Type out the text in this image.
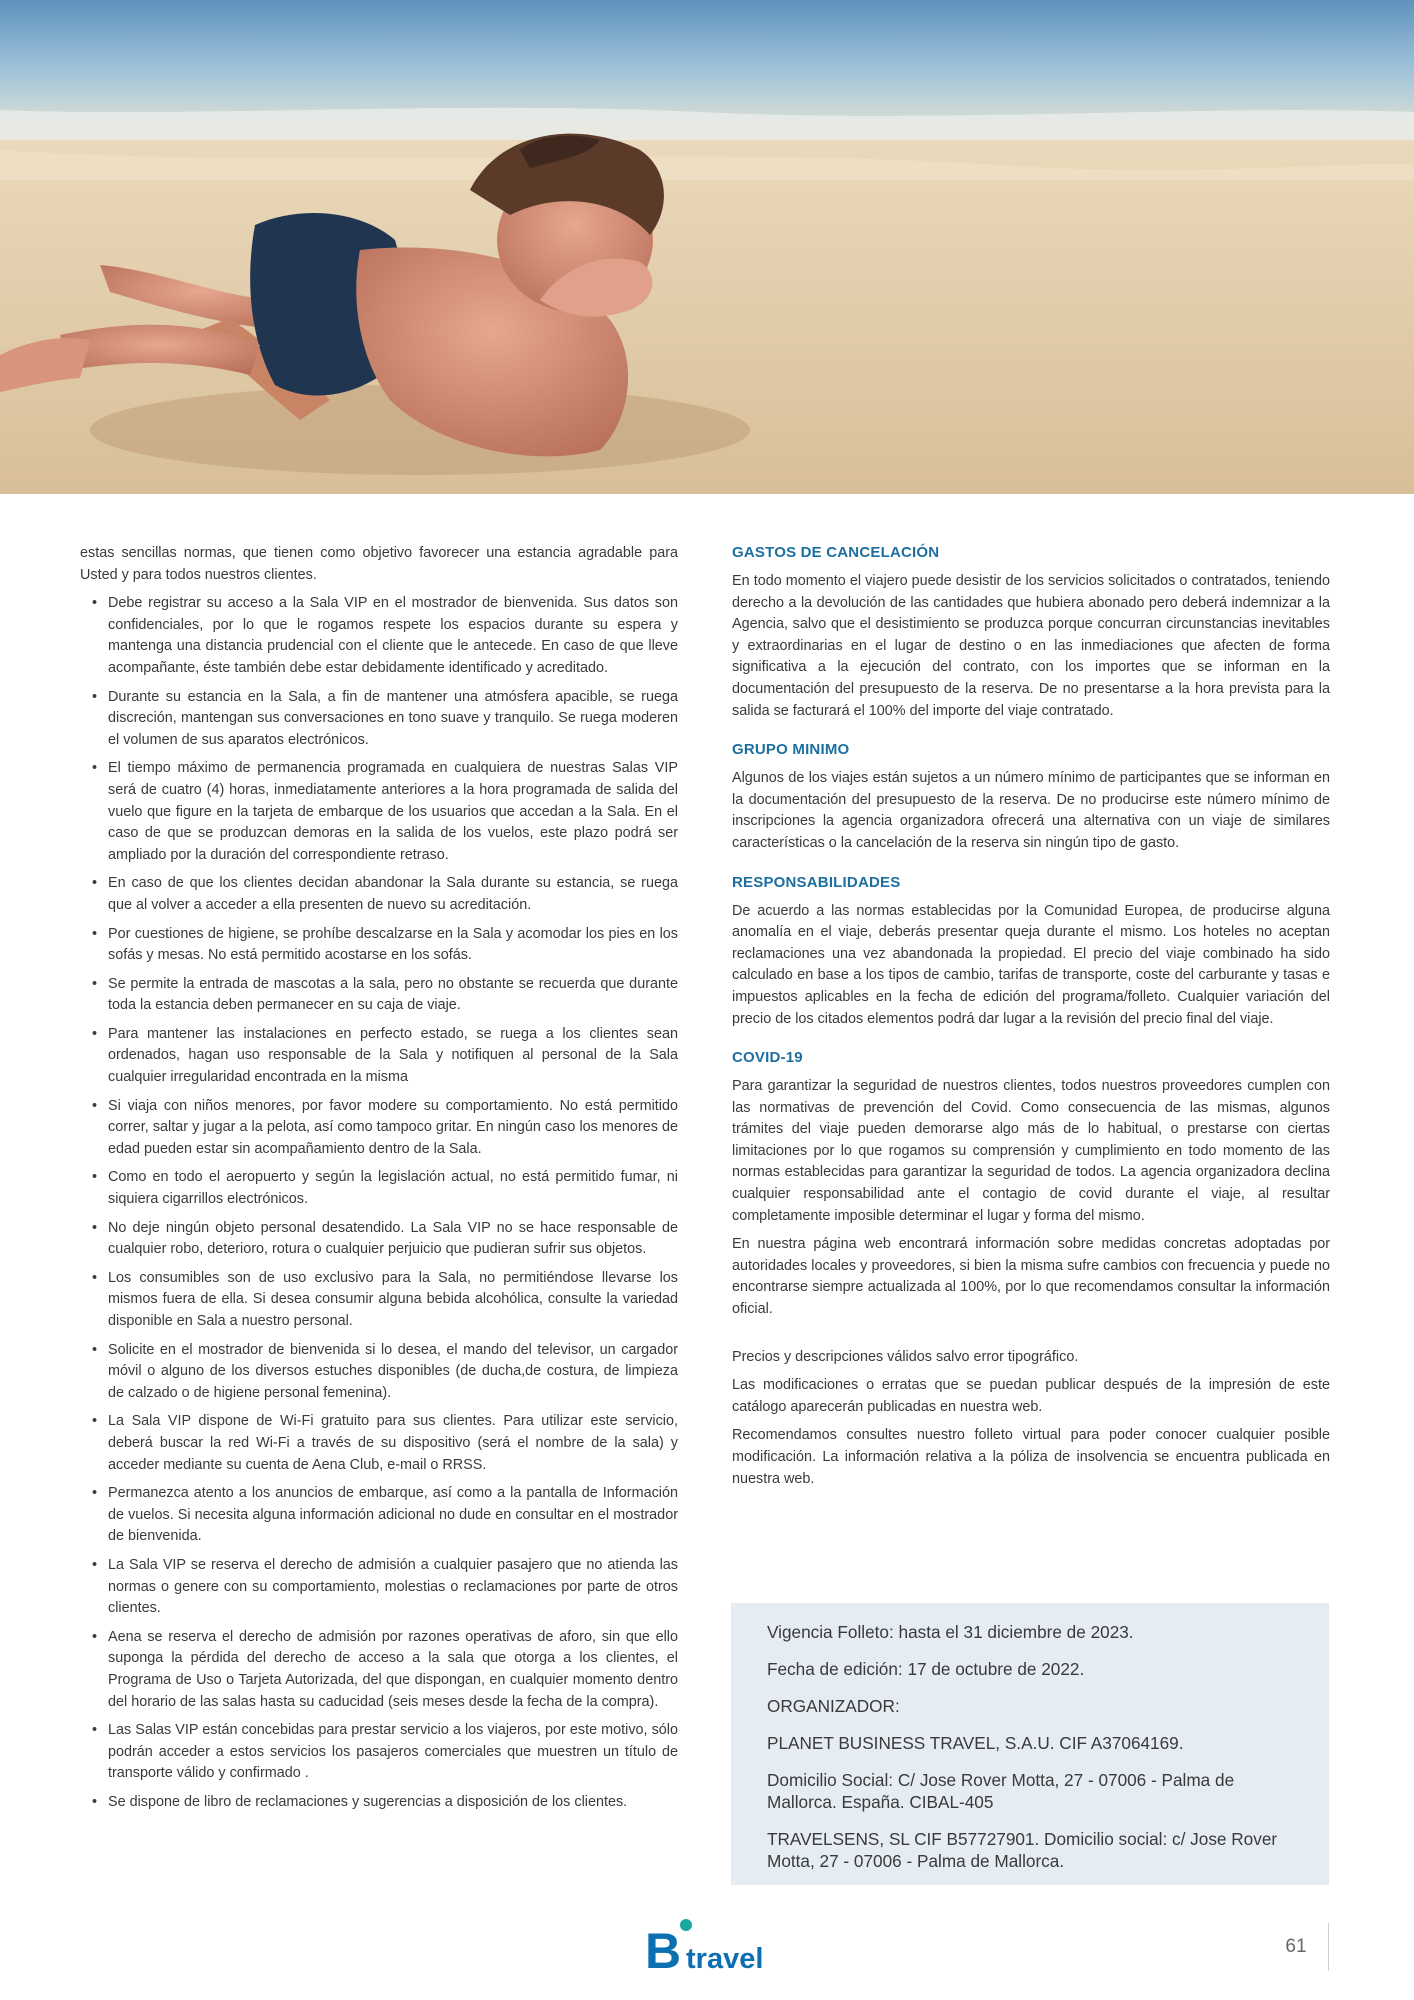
estas sencillas normas, que tienen como objetivo favorecer una estancia agradable para Usted y para todos nuestros clientes.

• Debe registrar su acceso a la Sala VIP en el mostrador de bienvenida. Sus datos son confidenciales, por lo que le rogamos respete los espacios durante su espera y mantenga una distancia prudencial con el cliente que le antecede. En caso de que lleve acompañante, éste también debe estar debidamente identificado y acreditado.
• Durante su estancia en la Sala, a fin de mantener una atmósfera apacible, se ruega discreción, mantengan sus conversaciones en tono suave y tranquilo. Se ruega moderen el volumen de sus aparatos electrónicos.
• El tiempo máximo de permanencia programada en cualquiera de nuestras Salas VIP será de cuatro (4) horas, inmediatamente anteriores a la hora programada de salida del vuelo que figure en la tarjeta de embarque de los usuarios que accedan a la Sala. En el caso de que se produzcan demoras en la salida de los vuelos, este plazo podrá ser ampliado por la duración del correspondiente retraso.
• En caso de que los clientes decidan abandonar la Sala durante su estancia, se ruega que al volver a acceder a ella presenten de nuevo su acreditación.
• Por cuestiones de higiene, se prohíbe descalzarse en la Sala y acomodar los pies en los sofás y mesas. No está permitido acostarse en los sofás.
• Se permite la entrada de mascotas a la sala, pero no obstante se recuerda que durante toda la estancia deben permanecer en su caja de viaje.
• Para mantener las instalaciones en perfecto estado, se ruega a los clientes sean ordenados, hagan uso responsable de la Sala y notifiquen al personal de la Sala cualquier irregularidad encontrada en la misma
• Si viaja con niños menores, por favor modere su comportamiento. No está permitido correr, saltar y jugar a la pelota, así como tampoco gritar. En ningún caso los menores de edad pueden estar sin acompañamiento dentro de la Sala.
• Como en todo el aeropuerto y según la legislación actual, no está permitido fumar, ni siquiera cigarrillos electrónicos.
• No deje ningún objeto personal desatendido. La Sala VIP no se hace responsable de cualquier robo, deterioro, rotura o cualquier perjuicio que pudieran sufrir sus objetos.
• Los consumibles son de uso exclusivo para la Sala, no permitiéndose llevarse los mismos fuera de ella. Si desea consumir alguna bebida alcohólica, consulte la variedad disponible en Sala a nuestro personal.
• Solicite en el mostrador de bienvenida si lo desea, el mando del televisor, un cargador móvil o alguno de los diversos estuches disponibles (de ducha,de costura, de limpieza de calzado o de higiene personal femenina).
• La Sala VIP dispone de Wi-Fi gratuito para sus clientes. Para utilizar este servicio, deberá buscar la red Wi-Fi a través de su dispositivo (será el nombre de la sala) y acceder mediante su cuenta de Aena Club, e-mail o RRSS.
• Permanezca atento a los anuncios de embarque, así como a la pantalla de Información de vuelos. Si necesita alguna información adicional no dude en consultar en el mostrador de bienvenida.
• La Sala VIP se reserva el derecho de admisión a cualquier pasajero que no atienda las normas o genere con su comportamiento, molestias o reclamaciones por parte de otros clientes.
• Aena se reserva el derecho de admisión por razones operativas de aforo, sin que ello suponga la pérdida del derecho de acceso a la sala que otorga a los clientes, el Programa de Uso o Tarjeta Autorizada, del que dispongan, en cualquier momento dentro del horario de las salas hasta su caducidad (seis meses desde la fecha de la compra).
• Las Salas VIP están concebidas para prestar servicio a los viajeros, por este motivo, sólo podrán acceder a estos servicios los pasajeros comerciales que muestren un título de transporte válido y confirmado .
• Se dispone de libro de reclamaciones y sugerencias a disposición de los clientes.
GASTOS DE CANCELACIÓN

En todo momento el viajero puede desistir de los servicios solicitados o contratados, teniendo derecho a la devolución de las cantidades que hubiera abonado pero deberá indemnizar a la Agencia, salvo que el desistimiento se produzca porque concurran circunstancias inevitables y extraordinarias en el lugar de destino o en las inmediaciones que afecten de forma significativa a la ejecución del contrato, con los importes que se informan en la documentación del presupuesto de la reserva. De no presentarse a la hora prevista para la salida se facturará el 100% del importe del viaje contratado.

GRUPO MINIMO

Algunos de los viajes están sujetos a un número mínimo de participantes que se informan en la documentación del presupuesto de la reserva. De no producirse este número mínimo de inscripciones la agencia organizadora ofrecerá una alternativa con un viaje de similares características o la cancelación de la reserva sin ningún tipo de gasto.

RESPONSABILIDADES

De acuerdo a las normas establecidas por la Comunidad Europea, de producirse alguna anomalía en el viaje, deberás presentar queja durante el mismo. Los hoteles no aceptan reclamaciones una vez abandonada la propiedad. El precio del viaje combinado ha sido calculado en base a los tipos de cambio, tarifas de transporte, coste del carburante y tasas e impuestos aplicables en la fecha de edición del programa/folleto. Cualquier variación del precio de los citados elementos podrá dar lugar a la revisión del precio final del viaje.

COVID-19

Para garantizar la seguridad de nuestros clientes, todos nuestros proveedores cumplen con las normativas de prevención del Covid. Como consecuencia de las mismas, algunos trámites del viaje pueden demorarse algo más de lo habitual, o prestarse con ciertas limitaciones por lo que rogamos su comprensión y cumplimiento en todo momento de las normas establecidas para garantizar la seguridad de todos. La agencia organizadora declina cualquier responsabilidad ante el contagio de covid durante el viaje, al resultar completamente imposible determinar el lugar y forma del mismo.

En nuestra página web encontrará información sobre medidas concretas adoptadas por autoridades locales y proveedores, si bien la misma sufre cambios con frecuencia y puede no encontrarse siempre actualizada al 100%, por lo que recomendamos consultar la información oficial.

Precios y descripciones válidos salvo error tipográfico.

Las modificaciones o erratas que se puedan publicar después de la impresión de este catálogo aparecerán publicadas en nuestra web.

Recomendamos consultes nuestro folleto virtual para poder conocer cualquier posible modificación. La información relativa a la póliza de insolvencia se encuentra publicada en nuestra web.

Vigencia Folleto: hasta el 31 diciembre de 2023.

Fecha de edición: 17 de octubre de 2022.

ORGANIZADOR:

PLANET BUSINESS TRAVEL, S.A.U. CIF A37064169.

Domicilio Social: C/ Jose Rover Motta, 27 - 07006 - Palma de Mallorca. España. CIBAL-405

TRAVELSENS, SL CIF B57727901. Domicilio social: c/ Jose Rover Motta, 27 - 07006 - Palma de Mallorca.

B travel	61
